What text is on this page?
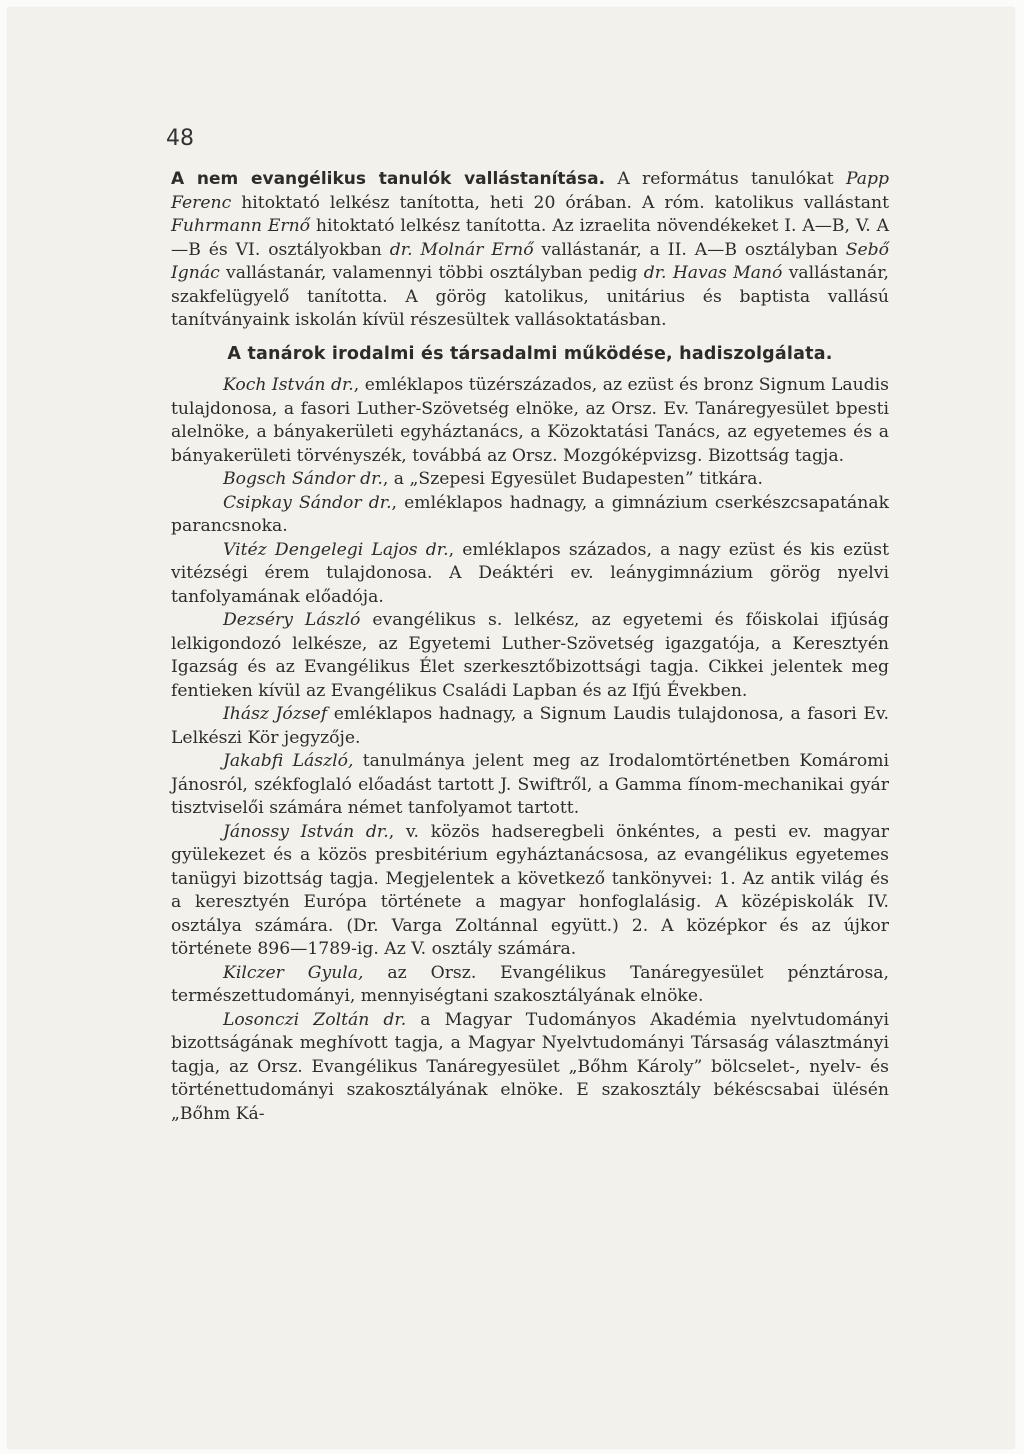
48

A nem evangélikus tanulók vallástanítása. A református tanulókat Papp Ferenc hitoktató lelkész tanította, heti 20 órában. A róm. katolikus vallástant Fuhrmann Ernő hitoktató lelkész tanította. Az izraelita növendékeket I. A—B, V. A—B és VI. osztályokban dr. Molnár Ernő vallástanár, a II. A—B osztályban Sebő Ignác vallástanár, valamennyi többi osztályban pedig dr. Havas Manó vallástanár, szakfelügyelő tanította. A görög katolikus, unitárius és baptista vallású tanítványaink iskolán kívül részesültek vallásoktatásban.

A tanárok irodalmi és társadalmi működése, hadiszolgálata.

Koch István dr., emléklapos tüzérszázados, az ezüst és bronz Signum Laudis tulajdonosa, a fasori Luther-Szövetség elnöke, az Orsz. Ev. Tanáregyesület bpesti alelnöke, a bányakerületi egyháztanács, a Közoktatási Tanács, az egyetemes és a bányakerületi törvényszék, továbbá az Orsz. Mozgóképvizsg. Bizottság tagja.

Bogsch Sándor dr., a „Szepesi Egyesület Budapesten” titkára.

Csipkay Sándor dr., emléklapos hadnagy, a gimnázium cserkészcsapatának parancsnoka.

Vitéz Dengelegi Lajos dr., emléklapos százados, a nagy ezüst és kis ezüst vitézségi érem tulajdonosa. A Deáktéri ev. leánygimnázium görög nyelvi tanfolyamának előadója.

Dezséry László evangélikus s. lelkész, az egyetemi és főiskolai ifjúság lelkigondozó lelkésze, az Egyetemi Luther-Szövetség igazgatója, a Keresztyén Igazság és az Evangélikus Élet szerkesztőbizottsági tagja. Cikkei jelentek meg fentieken kívül az Evangélikus Családi Lapban és az Ifjú Években.

Ihász József emléklapos hadnagy, a Signum Laudis tulajdonosa, a fasori Ev. Lelkészi Kör jegyzője.

Jakabfi László, tanulmánya jelent meg az Irodalomtörténetben Komáromi Jánosról, székfoglaló előadást tartott J. Swiftről, a Gamma fínom-mechanikai gyár tisztviselői számára német tanfolyamot tartott.

Jánossy István dr., v. közös hadseregbeli önkéntes, a pesti ev. magyar gyülekezet és a közös presbitérium egyháztanácsosa, az evangélikus egyetemes tanügyi bizottság tagja. Megjelentek a következő tankönyvei: 1. Az antik világ és a keresztyén Európa története a magyar honfoglalásig. A középiskolák IV. osztálya számára. (Dr. Varga Zoltánnal együtt.) 2. A középkor és az újkor története 896—1789-ig. Az V. osztály számára.

Kilczer Gyula, az Orsz. Evangélikus Tanáregyesület pénztárosa, természettudományi, mennyiségtani szakosztályának elnöke.

Losonczi Zoltán dr. a Magyar Tudományos Akadémia nyelvtudományi bizottságának meghívott tagja, a Magyar Nyelvtudományi Társaság választmányi tagja, az Orsz. Evangélikus Tanáregyesület „Bőhm Károly” bölcselet-, nyelv- és történettudományi szakosztályának elnöke. E szakosztály békéscsabai ülésén „Bőhm Ká-
